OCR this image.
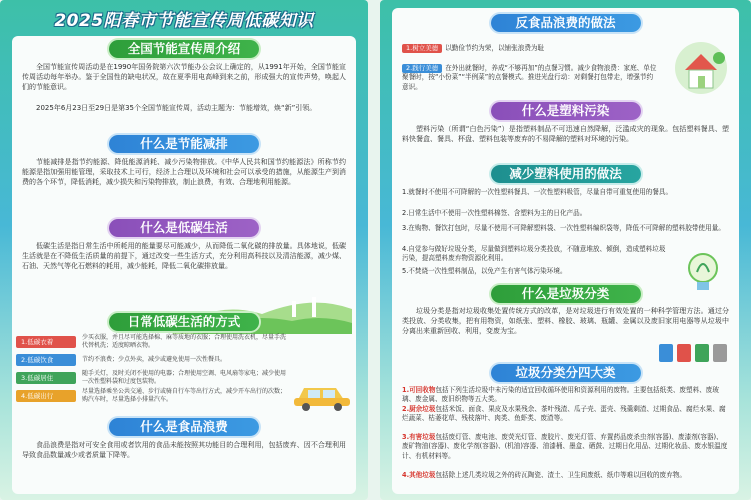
2025阳春市节能宣传周低碳知识
全国节能宣传周介绍
全国节能宣传周活动是在1990年国务院第六次节能办公会议上确定的，从1991年开始，全国节能宣传周活动每年举办。鉴于全国性的缺电状况，故在夏季用电高峰到来之前，形成强大的宣传声势，唤起人们的节能意识。
2025年6月23日至29日是第35个全国节能宣传周，活动主题为：节能增效，焕“新”引领。
什么是节能减排
节能减排是指节约能源、降低能源消耗、减少污染物排放。《中华人民共和国节约能源法》所称节约能源是指加强用能管理，采取技术上可行，经济上合理以及环境和社会可以承受的措施，从能源生产到消费的各个环节，降低消耗，减少损失和污染物排放，制止浪费，有效、合理地利用能源。
什么是低碳生活
低碳生活是指日常生活中所耗用的能量要尽可能减少，从而降低二氧化碳的排放量。具体地说，低碳生活就是在不降低生活质量的前提下，通过改变一些生活方式，充分利用高科技以及清洁能源，减少煤、石油、天然气等化石燃料的耗用，减少能耗，降低二氧化碳排放量。
日常低碳生活的方式
1.低碳衣着
少买衣服，并且尽可能选择棉、麻等质地的衣服；合理使用洗衣机，尽量手洗代替机洗；适度晾晒衣物。
2.低碳饮食	节约不浪费；少点外卖，减少或避免使用一次性餐具。
3.低碳居住
随手关灯，及时关闭不使用的电器；合理使用空调、电风扇等家电；减少使用一次性塑料袋和过度包装物。
4.低碳出行
尽量选择乘坐公共交通、步行或骑自行车等出行方式，减少开车出行的次数；购汽车时，尽量选择小排量汽车。
什么是食品浪费
食品浪费是指对可安全食用或者饮用的食品未能按照其功能目的合理利用，包括废弃、因不合理利用导致食品数量减少或者质量下降等。
反食品浪费的做法
1.树立美德 以勤俭节约为荣，以铺张浪费为耻
2.践行美德 在外出就餐时，养成“不够再加”的点餐习惯。减少食物浪费：家庭、单位聚餐时，按“小份菜”“半例菜”的点餐模式。推进光盘行动：对剩餐打包带走，增强节约意识。
什么是塑料污染
塑料污染（所谓“白色污染”）是指塑料制品不可迅速自然降解，泛滥成灾的现象。包括塑料餐具、塑料快餐盒、餐具、杯盘、塑料包装等废弃的不易降解的塑料对环境的污染。
减少塑料使用的做法
1.就餐时不使用不可降解的一次性塑料餐具、一次性塑料吸管，尽量自带可重复使用的餐具。
2.日常生活中不使用一次性塑料棉签、含塑料为主的日化产品。
3.在购物、餐饮打包时，尽量不使用不可降解塑料袋、一次性塑料编织袋等，降低不可降解的塑料胶带使用量。
4.自觉参与做好垃圾分类，尽量做到塑料垃圾分类投放，不随意堆放、倾倒，造成塑料垃圾污染，提高塑料废弃物资源化利用。
5.不焚烧一次性塑料制品，以免产生有害气体污染环境。
什么是垃圾分类
垃圾分类是指对垃圾收集处置传统方式的改革，是对垃圾进行有效处置的一种科学管理方法。通过分类投放、分类收集，把有用物资，如纸张、塑料、橡胶、玻璃、瓶罐、金属以及废旧家用电器等从垃圾中分离出来重新回收、利用，变废为宝。
垃圾分类分四大类
1.可回收物包括下列生活垃圾中未污染的适宜回收循环使用和资源利用的废物。主要包括纸类、废塑料、废玻璃、废金属、废旧织物等五大类。
2.厨余垃圾包括米饭、面食、果皮及水果残余、茶叶残渣、瓜子壳、蛋壳、残羹剩渣、过期食品、腐烂水果、腐烂蔬菜、枯萎花草、残枝落叶、肉类、鱼虾类、废渣等。
3.有害垃圾包括废灯管、废电池、废荧光灯管、废胶片、废光灯管、弃置药品废杀虫剂(容器)、废漆剂(容器)、废矿物油(容器)、废化学剂(容器)、(机油)容器、油漆桶、墨盒、硒鼓、过期日化用品、过期化妆品、废水银温度计、有机材料等。
4.其他垃圾包括除上述几类垃圾之外的砖瓦陶瓷、渣土、卫生间废纸、纸巾等难以回收的废弃物。
